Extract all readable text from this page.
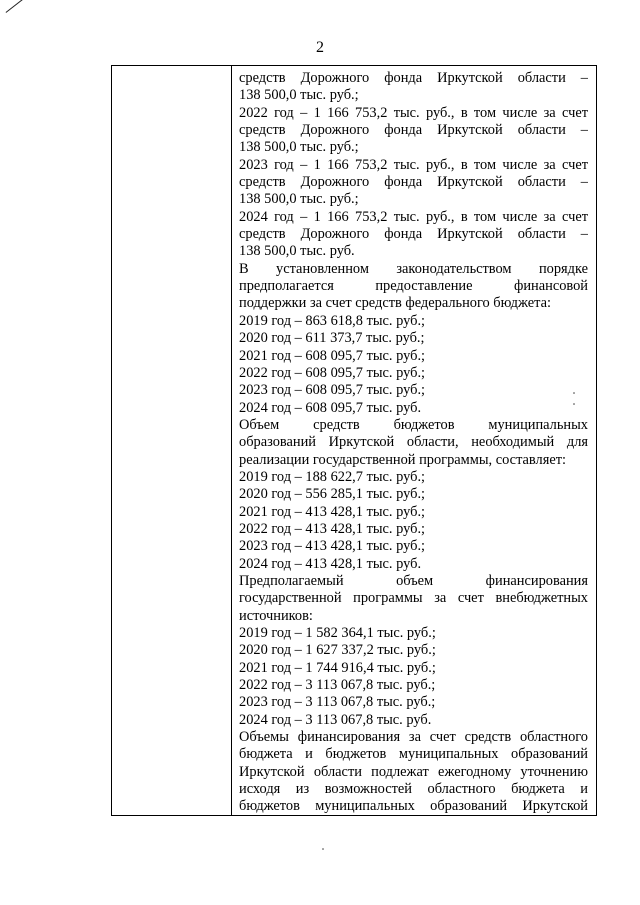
2
средств Дорожного фонда Иркутской области –
138 500,0 тыс. руб.;
2022 год – 1 166 753,2 тыс. руб., в том числе за счет
средств Дорожного фонда Иркутской области –
138 500,0 тыс. руб.;
2023 год – 1 166 753,2 тыс. руб., в том числе за счет
средств Дорожного фонда Иркутской области –
138 500,0 тыс. руб.;
2024 год – 1 166 753,2 тыс. руб., в том числе за счет
средств Дорожного фонда Иркутской области –
138 500,0 тыс. руб.
В установленном законодательством порядке
предполагается предоставление финансовой
поддержки за счет средств федерального бюджета:
2019 год – 863 618,8 тыс. руб.;
2020 год – 611 373,7 тыс. руб.;
2021 год – 608 095,7 тыс. руб.;
2022 год – 608 095,7 тыс. руб.;
2023 год – 608 095,7 тыс. руб.;
2024 год – 608 095,7 тыс. руб.
Объем средств бюджетов муниципальных
образований Иркутской области, необходимый для
реализации государственной программы, составляет:
2019 год – 188 622,7 тыс. руб.;
2020 год – 556 285,1 тыс. руб.;
2021 год – 413 428,1 тыс. руб.;
2022 год – 413 428,1 тыс. руб.;
2023 год – 413 428,1 тыс. руб.;
2024 год – 413 428,1 тыс. руб.
Предполагаемый объем финансирования
государственной программы за счет внебюджетных
источников:
2019 год – 1 582 364,1 тыс. руб.;
2020 год – 1 627 337,2 тыс. руб.;
2021 год – 1 744 916,4 тыс. руб.;
2022 год – 3 113 067,8 тыс. руб.;
2023 год – 3 113 067,8 тыс. руб.;
2024 год – 3 113 067,8 тыс. руб.
Объемы финансирования за счет средств областного
бюджета и бюджетов муниципальных образований
Иркутской области подлежат ежегодному уточнению
исходя из возможностей областного бюджета и
бюджетов муниципальных образований Иркутской
